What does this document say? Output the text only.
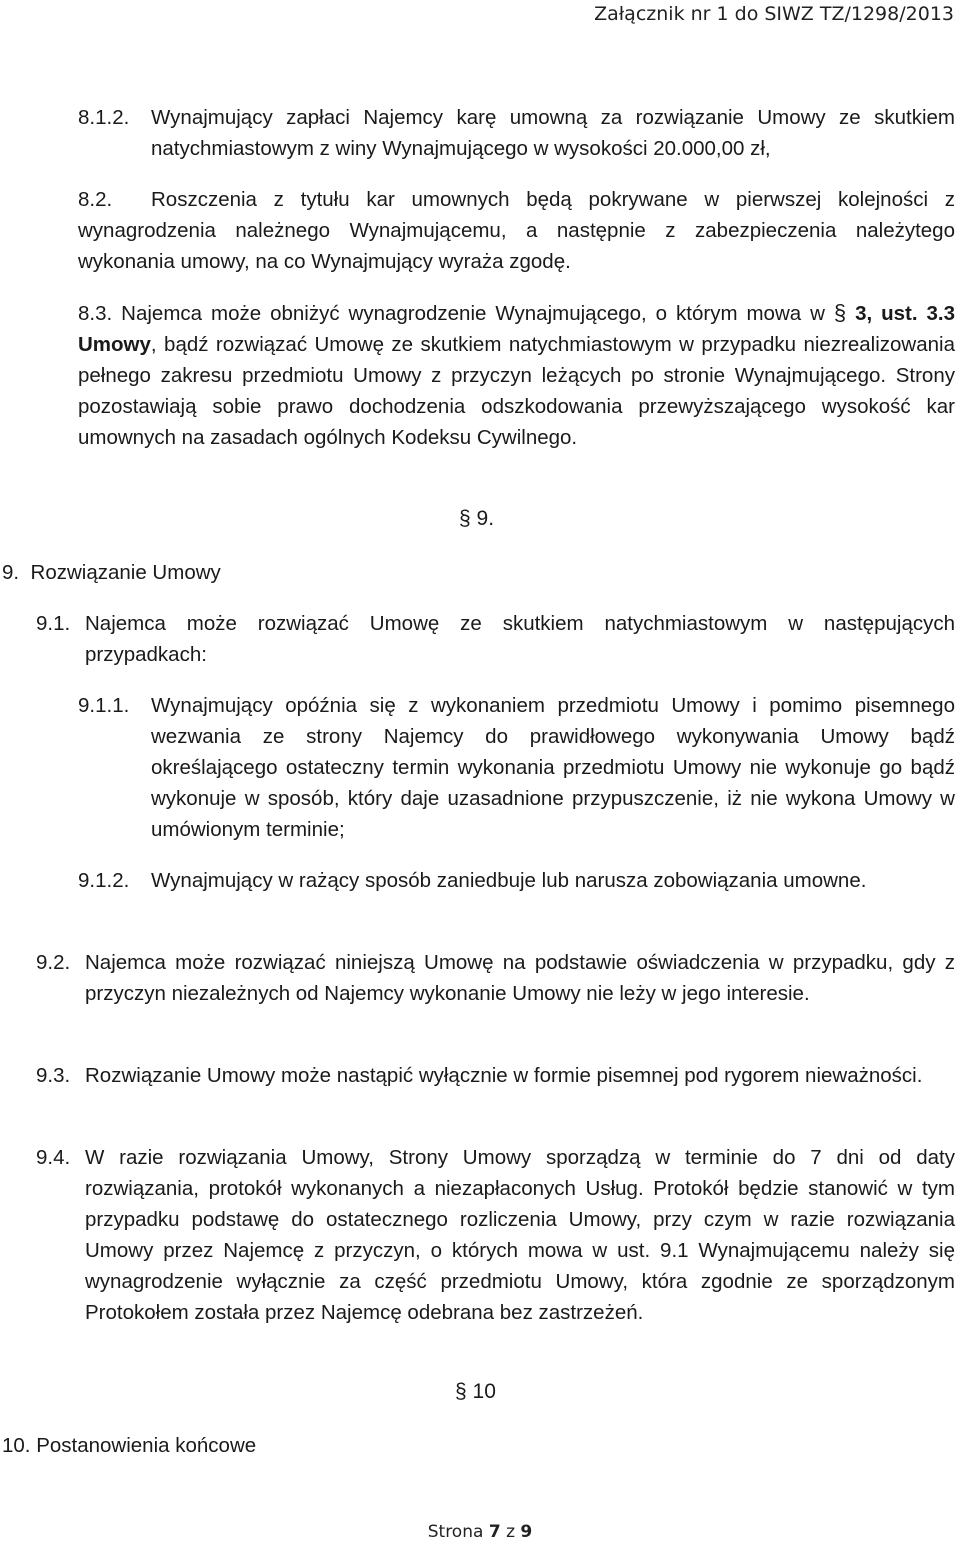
Załącznik nr 1 do SIWZ TZ/1298/2013
8.1.2. Wynajmujący zapłaci Najemcy karę umowną za rozwiązanie Umowy ze skutkiem natychmiastowym z winy Wynajmującego w wysokości 20.000,00 zł,
8.2.	Roszczenia z tytułu kar umownych będą pokrywane w pierwszej kolejności z wynagrodzenia należnego Wynajmującemu, a następnie z zabezpieczenia należytego wykonania umowy, na co Wynajmujący wyraża zgodę.
8.3. Najemca może obniżyć wynagrodzenie Wynajmującego, o którym mowa w § 3, ust. 3.3 Umowy, bądź rozwiązać Umowę ze skutkiem natychmiastowym w przypadku niezrealizowania pełnego zakresu przedmiotu Umowy z przyczyn leżących po stronie Wynajmującego. Strony pozostawiają sobie prawo dochodzenia odszkodowania przewyższającego wysokość kar umownych na zasadach ogólnych Kodeksu Cywilnego.
§ 9.
9. Rozwiązanie Umowy
9.1. Najemca może rozwiązać Umowę ze skutkiem natychmiastowym w następujących przypadkach:
9.1.1. Wynajmujący opóźnia się z wykonaniem przedmiotu Umowy i pomimo pisemnego wezwania ze strony Najemcy do prawidłowego wykonywania Umowy bądź określającego ostateczny termin wykonania przedmiotu Umowy nie wykonuje go bądź wykonuje w sposób, który daje uzasadnione przypuszczenie, iż nie wykona Umowy w umówionym terminie;
9.1.2. Wynajmujący w rażący sposób zaniedbuje lub narusza zobowiązania umowne.
9.2. Najemca może rozwiązać niniejszą Umowę na podstawie oświadczenia w przypadku, gdy z przyczyn niezależnych od Najemcy wykonanie Umowy nie leży w jego interesie.
9.3. Rozwiązanie Umowy może nastąpić wyłącznie w formie pisemnej pod rygorem nieważności.
9.4. W razie rozwiązania Umowy, Strony Umowy sporządzą w terminie do 7 dni od daty rozwiązania, protokół wykonanych a niezapłaconych Usług. Protokół będzie stanowić w tym przypadku podstawę do ostatecznego rozliczenia Umowy, przy czym w razie rozwiązania Umowy przez Najemcę z przyczyn, o których mowa w ust. 9.1 Wynajmującemu należy się wynagrodzenie wyłącznie za część przedmiotu Umowy, która zgodnie ze sporządzonym Protokołem została przez Najemcę odebrana bez zastrzeżeń.
§ 10
10. Postanowienia końcowe
Strona 7 z 9
